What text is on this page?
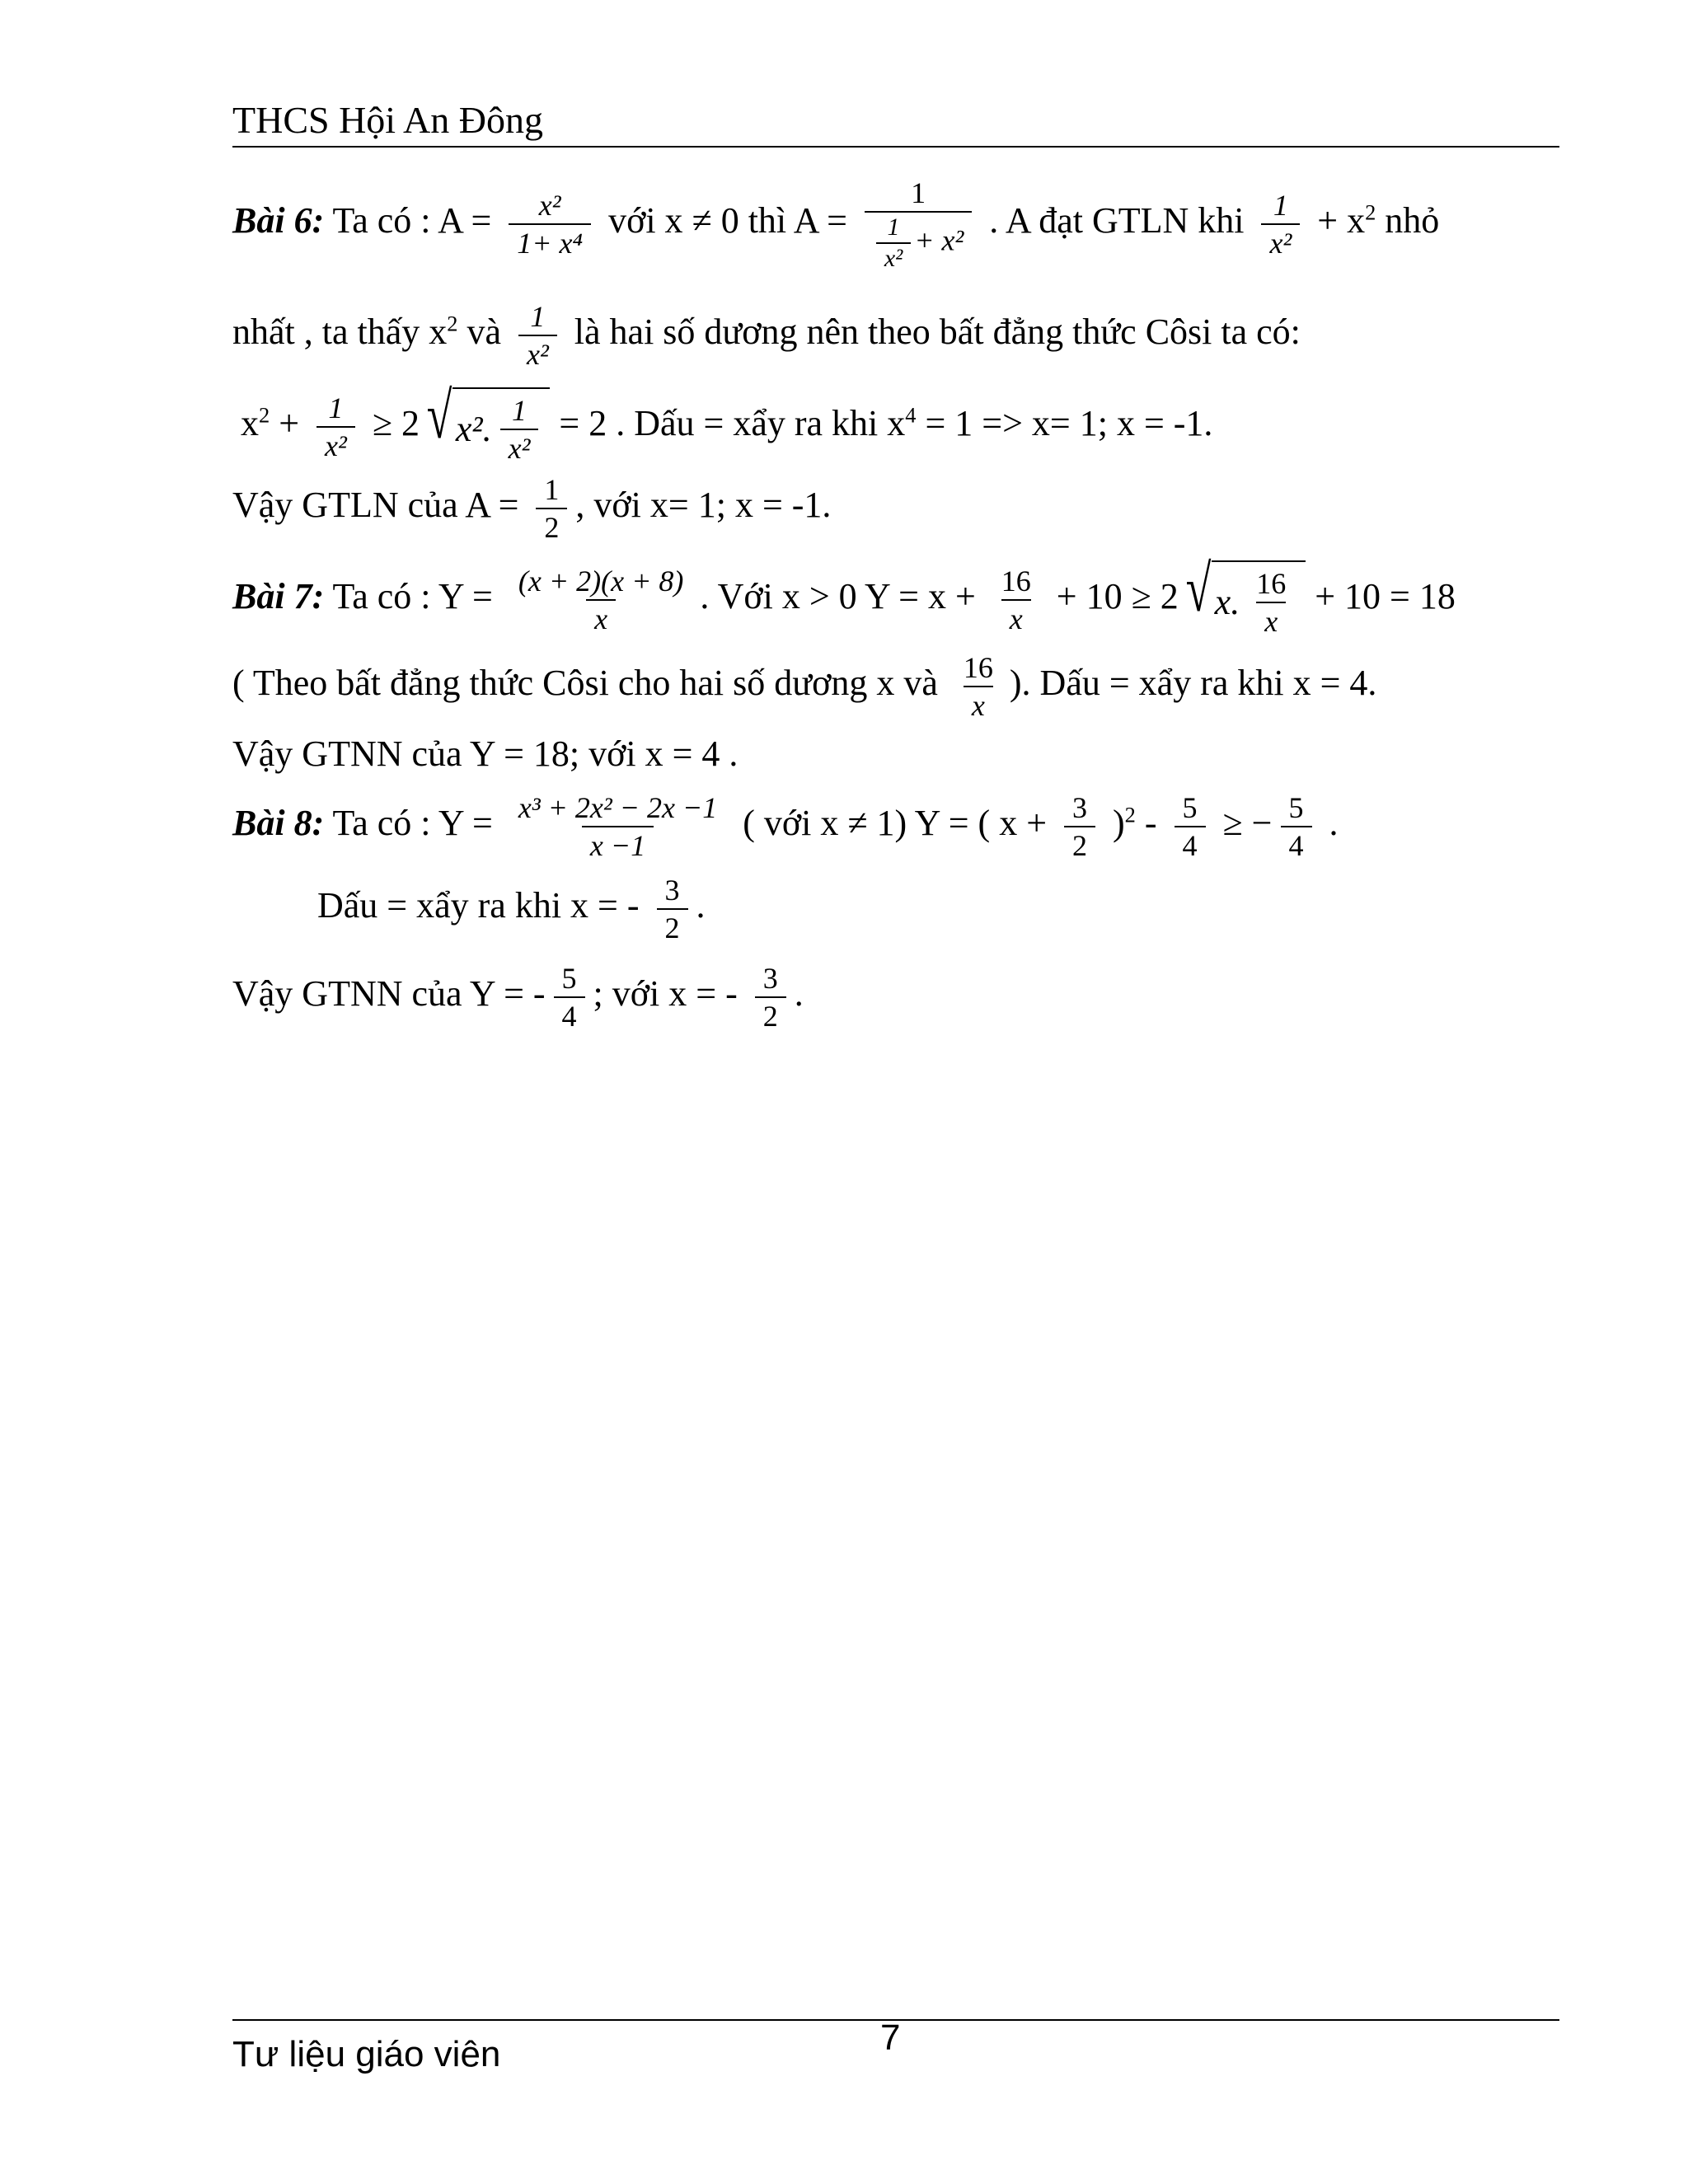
THCS Hội An Đông
Bài 6: Ta có : $A = \frac{\text{x²}}{\text{1+ x⁴}}$ với x ≠ 0 thì $A = \frac{1}{\frac{1}{\text{x²}} + x^2}$ . A đạt GTLN khi $\frac{1}{\text{x²}} + x^2$ nhỏ
nhất , ta thấy $x^2$ và $\frac{1}{\text{x²}}$ là hai số dương nên theo bất đẳng thức Côsi ta có:
$x^2 + \frac{1}{\text{x²}} \ge 2$ √ x². $\frac{1}{\text{x²}} = 2$ . Dấu = xẩy ra khi $x^4 = 1 => x= 1$; x = -1.
Vậy GTLN của $A = \frac{1}{2}$ , với x= 1; x = -1.
Bài 7: Ta có : $Y = \frac{(x + 2)(x + 8)}{x}$ . Với x > 0 $Y = x + \frac{16}{x} + 10 \ge 2$ √ x. $\frac{16}{x} + 10 = 18$
( Theo bất đẳng thức Côsi cho hai số dương x và $\frac{16}{x}$ ). Dấu = xẩy ra khi x = 4.
Vậy GTNN của Y = 18; với x = 4 .
Bài 8: Ta có : $Y = \frac{\text{x³ + 2x² − 2x −1}}{x -1}$ ( với x ≠ 1) Y = ( $x + \frac{3}{2} )^2 - \frac{5}{4}$ ≥ − $\frac{5}{4}$ .
Dấu = xẩy ra khi x = - $\frac{3}{2}$ .
Vậy GTNN của Y = - $\frac{5}{4}$ ; với x = - $\frac{3}{2}$ .
Tư liệu giáo viên	7
